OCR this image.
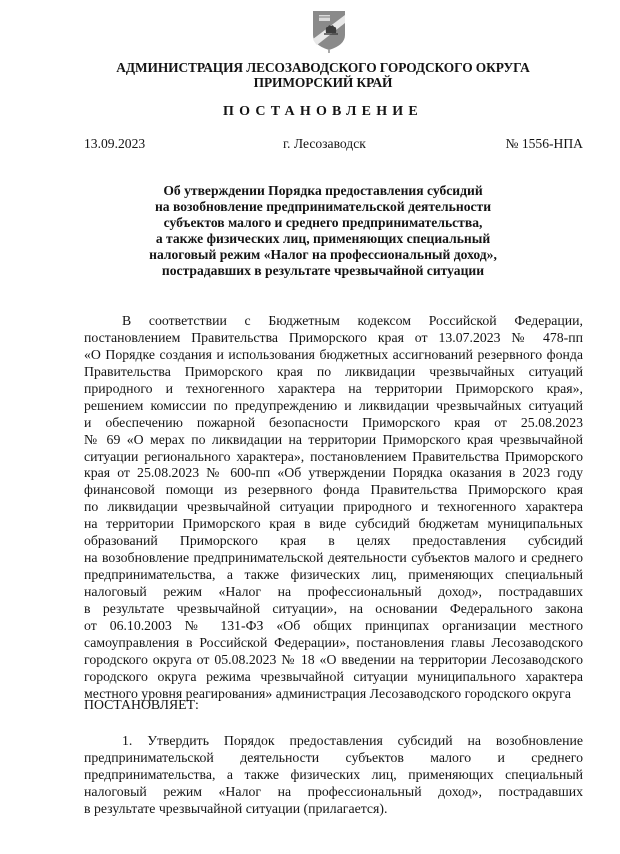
АДМИНИСТРАЦИЯ ЛЕСОЗАВОДСКОГО ГОРОДСКОГО ОКРУГА
ПРИМОРСКИЙ КРАЙ
ПОСТАНОВЛЕНИЕ
13.09.2023	г. Лесозаводск	№ 1556-НПА
Об утверждении Порядка предоставления субсидий
на возобновление предпринимательской деятельности
субъектов малого и среднего предпринимательства,
а также физических лиц, применяющих специальный
налоговый режим «Налог на профессиональный доход»,
пострадавших в результате чрезвычайной ситуации
В соответствии с Бюджетным кодексом Российской Федерации,
постановлением Правительства Приморского края от 13.07.2023 № 478-пп
«О Порядке создания и использования бюджетных ассигнований резервного фонда
Правительства Приморского края по ликвидации чрезвычайных ситуаций
природного и техногенного характера на территории Приморского края»,
решением комиссии по предупреждению и ликвидации чрезвычайных ситуаций
и обеспечению пожарной безопасности Приморского края от 25.08.2023
№ 69 «О мерах по ликвидации на территории Приморского края чрезвычайной
ситуации регионального характера», постановлением Правительства Приморского
края от 25.08.2023 № 600-пп «Об утверждении Порядка оказания в 2023 году
финансовой помощи из резервного фонда Правительства Приморского края
по ликвидации чрезвычайной ситуации природного и техногенного характера
на территории Приморского края в виде субсидий бюджетам муниципальных
образований Приморского края в целях предоставления субсидий
на возобновление предпринимательской деятельности субъектов малого и среднего
предпринимательства, а также физических лиц, применяющих специальный
налоговый режим «Налог на профессиональный доход», пострадавших
в результате чрезвычайной ситуации», на основании Федерального закона
от 06.10.2003 № 131-ФЗ «Об общих принципах организации местного
самоуправления в Российской Федерации», постановления главы Лесозаводского
городского округа от 05.08.2023 № 18 «О введении на территории Лесозаводского
городского округа режима чрезвычайной ситуации муниципального характера
местного уровня реагирования» администрация Лесозаводского городского округа
ПОСТАНОВЛЯЕТ:
1. Утвердить Порядок предоставления субсидий на возобновление
предпринимательской деятельности субъектов малого и среднего
предпринимательства, а также физических лиц, применяющих специальный
налоговый режим «Налог на профессиональный доход», пострадавших
в результате чрезвычайной ситуации (прилагается).
